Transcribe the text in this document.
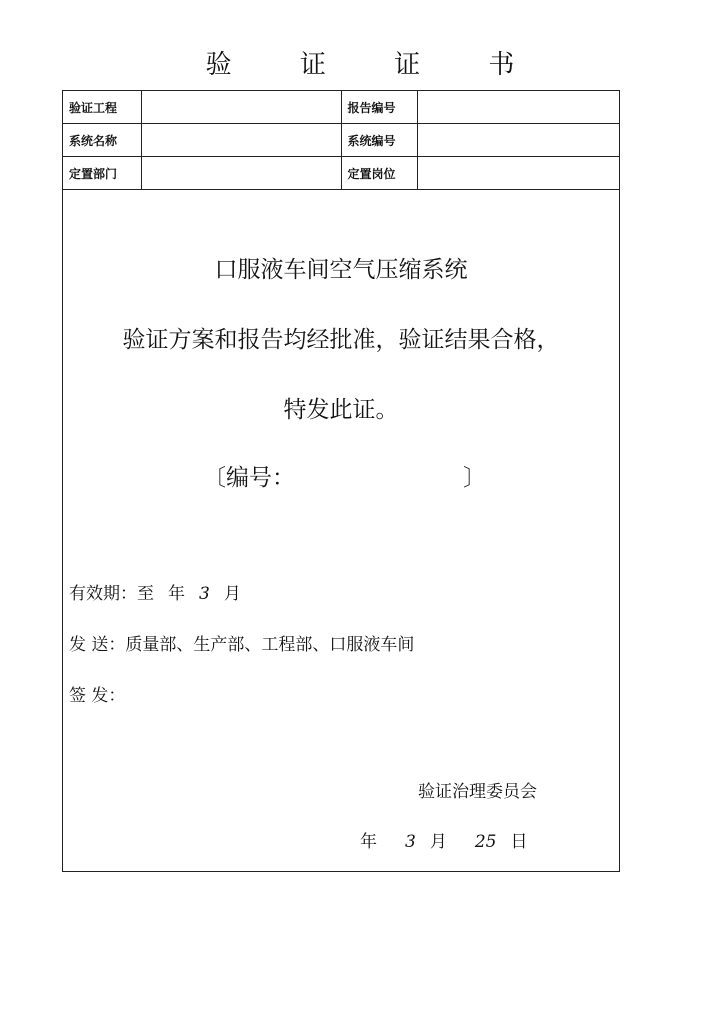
验 证 证 书
验证工程		报告编号	
系统名称		系统编号	
定置部门		定置岗位	
口服液车间空气压缩系统
验证方案和报告均经批准，验证结果合格，
特发此证。
〔编号：	〕
有效期：至 年 3 月
发 送：质量部、生产部、工程部、口服液车间
签 发：
验证治理委员会
年 3 月 25 日
